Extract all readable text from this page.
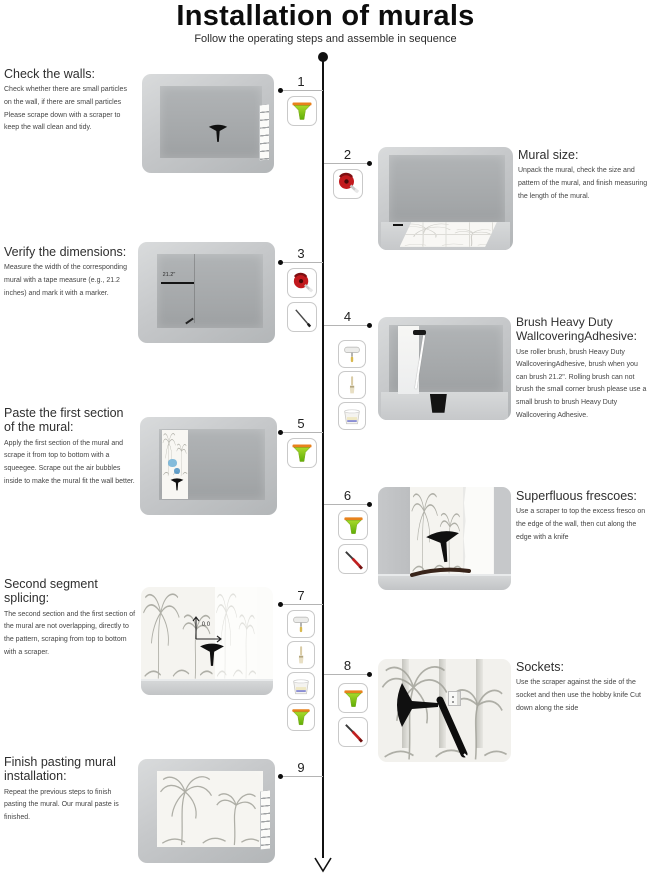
Installation of murals
Follow the operating steps and assemble in sequence
Check the walls:
Check whether there are small particles on the wall, if there are small particles Please scrape down with a scraper to keep the wall clean and tidy.
1
2	Mural size:
Unpack the mural, check the size and pattern of the mural, and finish measuring the length of the mural.
Verify the dimensions:
Measure the width of the corresponding mural with a tape measure (e.g., 21.2 inches) and mark it with a marker.
21.2"
3
4	Brush Heavy Duty WallcoveringAdhesive:
Use roller brush, brush Heavy Duty WallcoveringAdhesive, brush when you can brush 21.2". Rolling brush can not brush the small corner brush please use a small brush to brush Heavy Duty Wallcovering Adhesive.
Paste the first section of the mural:
Apply the first section of the mural and scrape it from top to bottom with a squeegee. Scrape out the air bubbles inside to make the mural fit the wall better.
5
6	Superfluous frescoes:
Use a scraper to top the excess fresco on the edge of the wall, then cut along the edge with a knife
Second segment splicing:
The second section and the first section of the mural are not overlapping, directly to the pattern, scraping from top to bottom with a scraper.
0.0
7
8	Sockets:
Use the scraper against the side of the socket and then use the hobby knife Cut down along the side
Finish pasting mural installation:
Repeat the previous steps to finish pasting the mural. Our mural paste is finished.
9
